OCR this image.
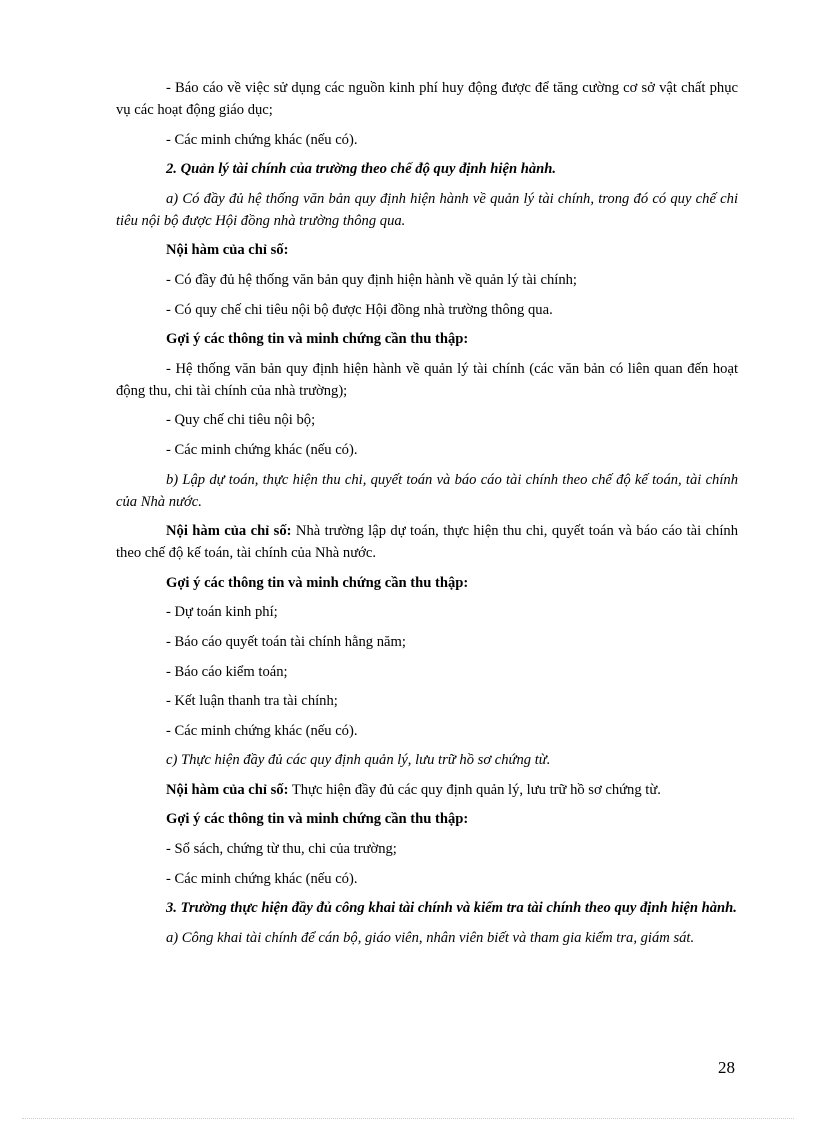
- Báo cáo về việc sử dụng các nguồn kinh phí huy động được để tăng cường cơ sở vật chất phục vụ các hoạt động giáo dục;

- Các minh chứng khác (nếu có).

2. Quản lý tài chính của trường theo chế độ quy định hiện hành.

a) Có đầy đủ hệ thống văn bản quy định hiện hành về quản lý tài chính, trong đó có quy chế chi tiêu nội bộ được Hội đồng nhà trường thông qua.

Nội hàm của chỉ số:

- Có đầy đủ hệ thống văn bản quy định hiện hành về quản lý tài chính;

- Có quy chế chi tiêu nội bộ được Hội đồng nhà trường thông qua.

Gợi ý các thông tin và minh chứng cần thu thập:

- Hệ thống văn bản quy định hiện hành về quản lý tài chính (các văn bản có liên quan đến hoạt động thu, chi tài chính của nhà trường);

- Quy chế chi tiêu nội bộ;

- Các minh chứng khác (nếu có).

b) Lập dự toán, thực hiện thu chi, quyết toán và báo cáo tài chính theo chế độ kế toán, tài chính của Nhà nước.

Nội hàm của chỉ số: Nhà trường lập dự toán, thực hiện thu chi, quyết toán và báo cáo tài chính theo chế độ kế toán, tài chính của Nhà nước.

Gợi ý các thông tin và minh chứng cần thu thập:

- Dự toán kinh phí;

- Báo cáo quyết toán tài chính hằng năm;

- Báo cáo kiểm toán;

- Kết luận thanh tra tài chính;

- Các minh chứng khác (nếu có).

c) Thực hiện đầy đủ các quy định quản lý, lưu trữ hồ sơ chứng từ.

Nội hàm của chỉ số: Thực hiện đầy đủ các quy định quản lý, lưu trữ hồ sơ chứng từ.

Gợi ý các thông tin và minh chứng cần thu thập:

- Sổ sách, chứng từ thu, chi của trường;

- Các minh chứng khác (nếu có).

3. Trường thực hiện đầy đủ công khai tài chính và kiểm tra tài chính theo quy định hiện hành.

a) Công khai tài chính để cán bộ, giáo viên, nhân viên biết và tham gia kiểm tra, giám sát.

28
